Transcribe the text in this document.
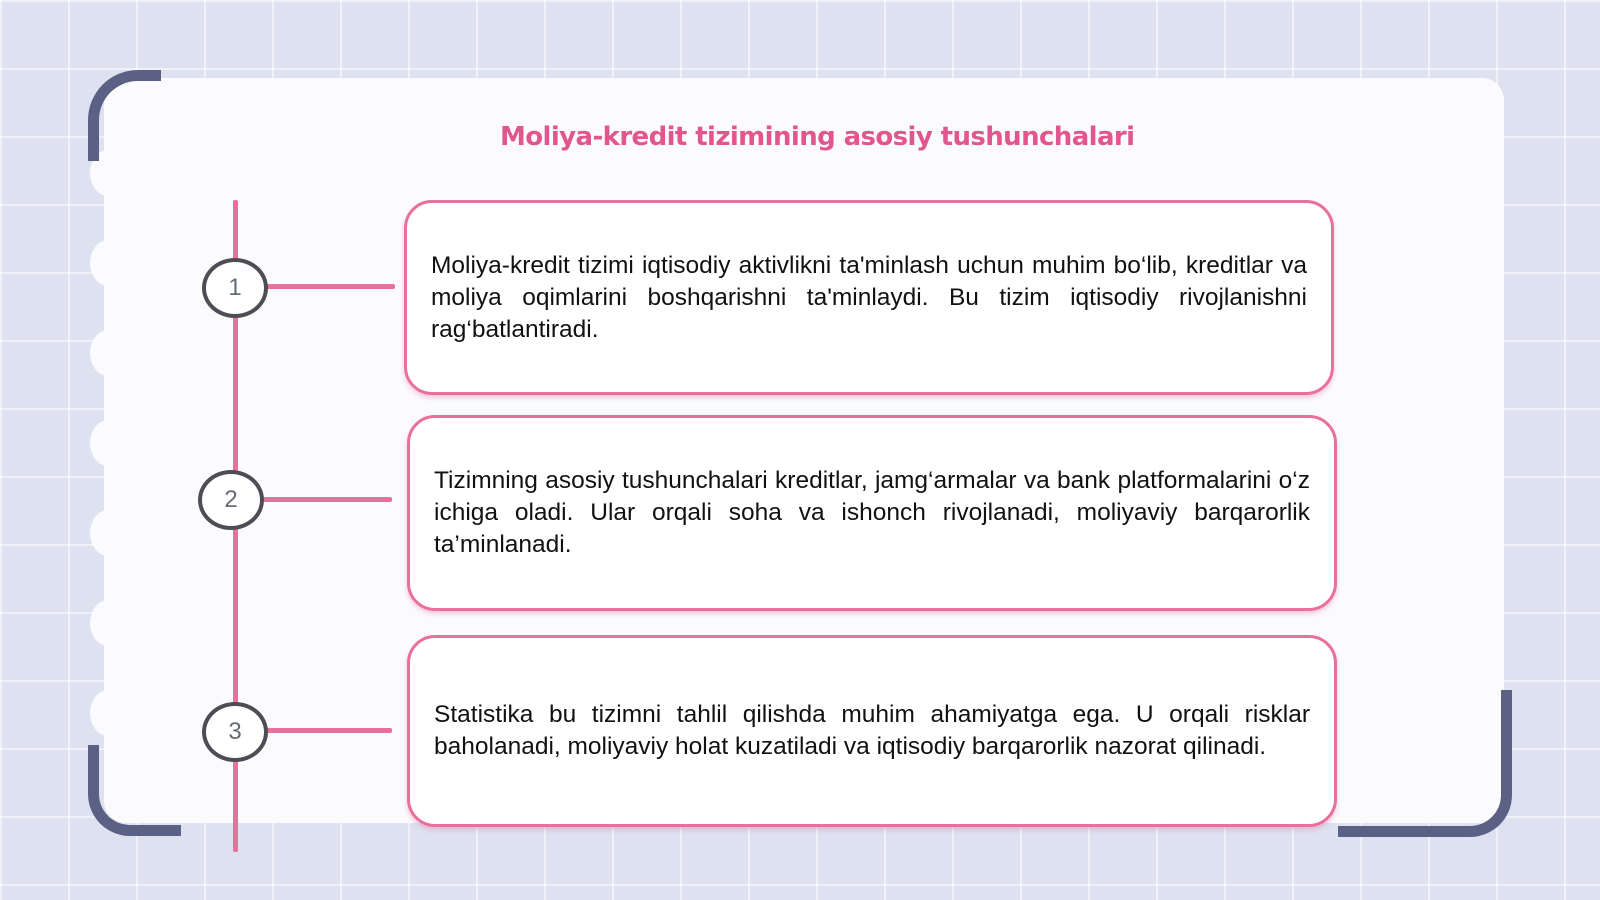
Moliya-kredit tizimining asosiy tushunchalari
1
2
3

Moliya-kredit tizimi iqtisodiy aktivlikni ta'minlash uchun muhim bo‘lib, kreditlar va moliya oqimlarini boshqarishni ta'minlaydi. Bu tizim iqtisodiy rivojlanishni rag‘batlantiradi.

Tizimning asosiy tushunchalari kreditlar, jamg‘armalar va bank platformalarini o‘z ichiga oladi. Ular orqali soha va ishonch rivojlanadi, moliyaviy barqarorlik ta’minlanadi.

Statistika bu tizimni tahlil qilishda muhim ahamiyatga ega. U orqali risklar baholanadi, moliyaviy holat kuzatiladi va iqtisodiy barqarorlik nazorat qilinadi.
